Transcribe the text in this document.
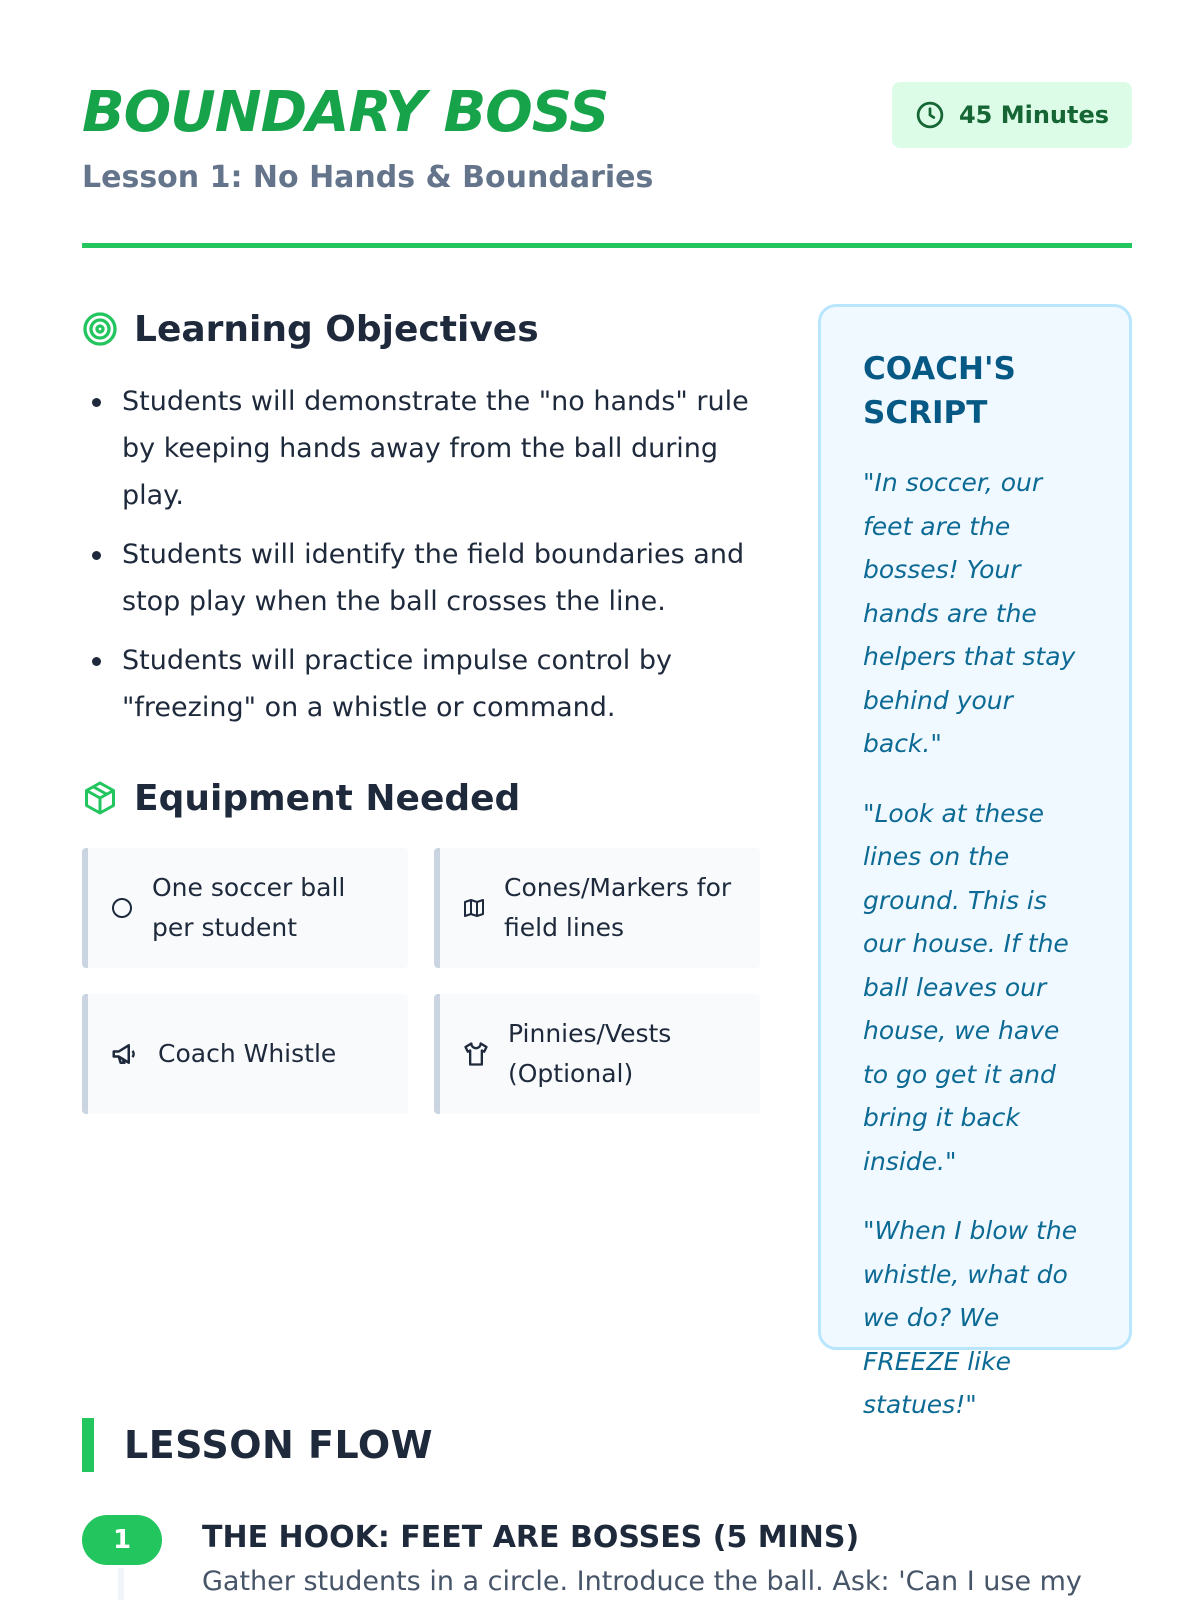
BOUNDARY BOSS
Lesson 1: No Hands & Boundaries
45 Minutes
Learning Objectives
Students will demonstrate the "no hands" rule by keeping hands away from the ball during play.
Students will identify the field boundaries and stop play when the ball crosses the line.
Students will practice impulse control by "freezing" on a whistle or command.
Equipment Needed
One soccer ball per student
Cones/Markers for field lines
Coach Whistle
Pinnies/Vests (Optional)
COACH'S SCRIPT

"In soccer, our feet are the bosses! Your hands are the helpers that stay behind your back."

"Look at these lines on the ground. This is our house. If the ball leaves our house, we have to go get it and bring it back inside."

"When I blow the whistle, what do we do? We FREEZE like statues!"

LESSON FLOW
1	THE HOOK: FEET ARE BOSSES (5 MINS)
Gather students in a circle. Introduce the ball. Ask: 'Can I use my
